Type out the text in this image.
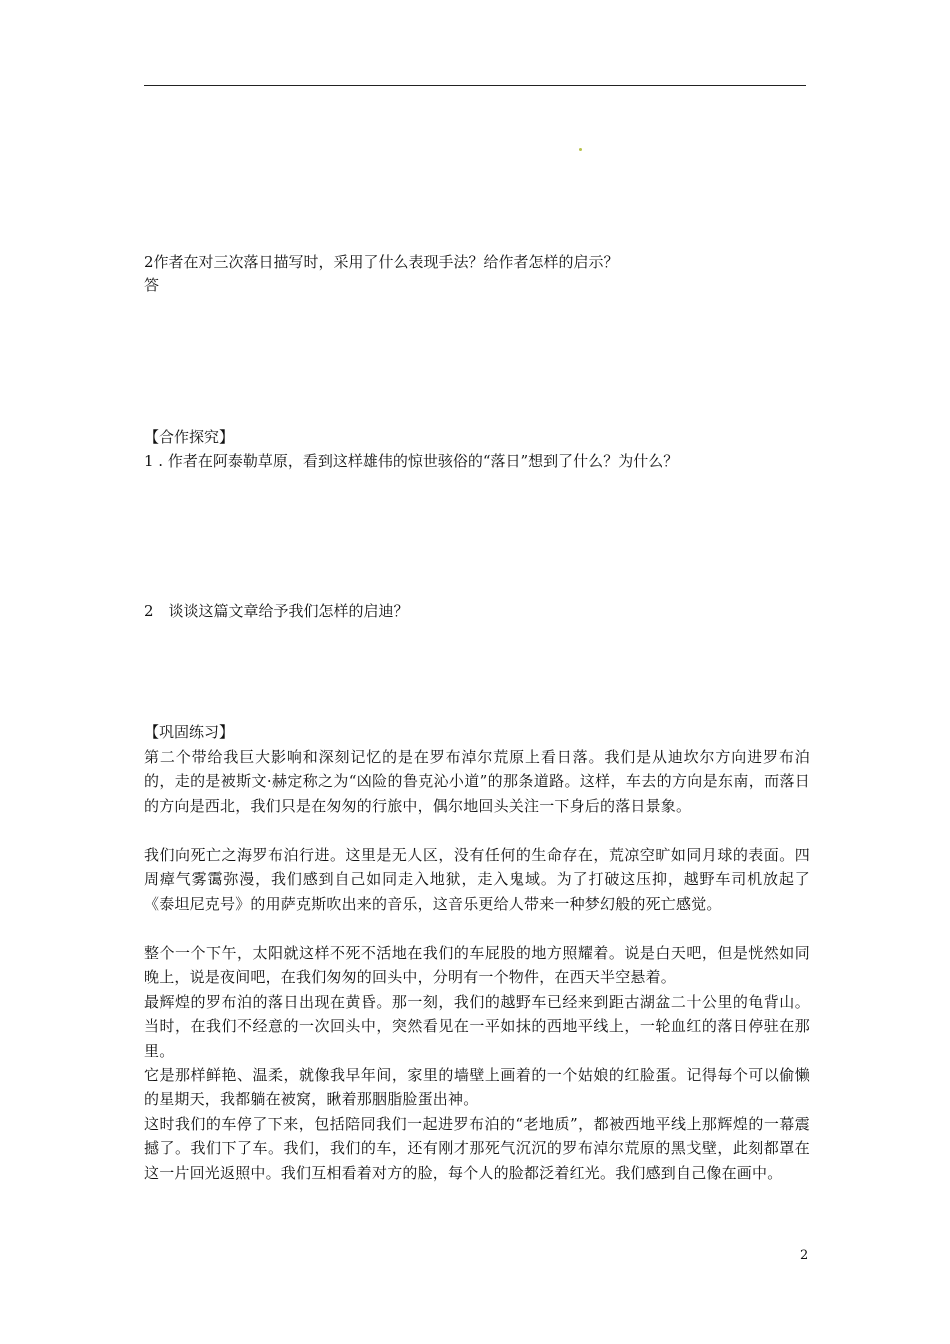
2作者在对三次落日描写时，采用了什么表现手法？给作者怎样的启示？

答

【合作探究】

1 . 作者在阿泰勒草原，看到这样雄伟的惊世骇俗的“落日”想到了什么？为什么？

2　谈谈这篇文章给予我们怎样的启迪？

【巩固练习】

第二个带给我巨大影响和深刻记忆的是在罗布淖尔荒原上看日落。我们是从迪坎尔方向进罗布泊的，走的是被斯文·赫定称之为“凶险的鲁克沁小道”的那条道路。这样，车去的方向是东南，而落日的方向是西北，我们只是在匆匆的行旅中，偶尔地回头关注一下身后的落日景象。

我们向死亡之海罗布泊行进。这里是无人区，没有任何的生命存在，荒凉空旷如同月球的表面。四周瘴气雾霭弥漫，我们感到自己如同走入地狱，走入鬼域。为了打破这压抑，越野车司机放起了《泰坦尼克号》的用萨克斯吹出来的音乐，这音乐更给人带来一种梦幻般的死亡感觉。

整个一个下午，太阳就这样不死不活地在我们的车屁股的地方照耀着。说是白天吧，但是恍然如同晚上，说是夜间吧，在我们匆匆的回头中，分明有一个物件，在西天半空悬着。

最辉煌的罗布泊的落日出现在黄昏。那一刻，我们的越野车已经来到距古湖盆二十公里的龟背山。当时，在我们不经意的一次回头中，突然看见在一平如抹的西地平线上，一轮血红的落日停驻在那里。

它是那样鲜艳、温柔，就像我早年间，家里的墙壁上画着的一个姑娘的红脸蛋。记得每个可以偷懒的星期天，我都躺在被窝，瞅着那胭脂脸蛋出神。

这时我们的车停了下来，包括陪同我们一起进罗布泊的“老地质”，都被西地平线上那辉煌的一幕震撼了。我们下了车。我们，我们的车，还有刚才那死气沉沉的罗布淖尔荒原的黑戈壁，此刻都罩在这一片回光返照中。我们互相看着对方的脸，每个人的脸都泛着红光。我们感到自己像在画中。

2
